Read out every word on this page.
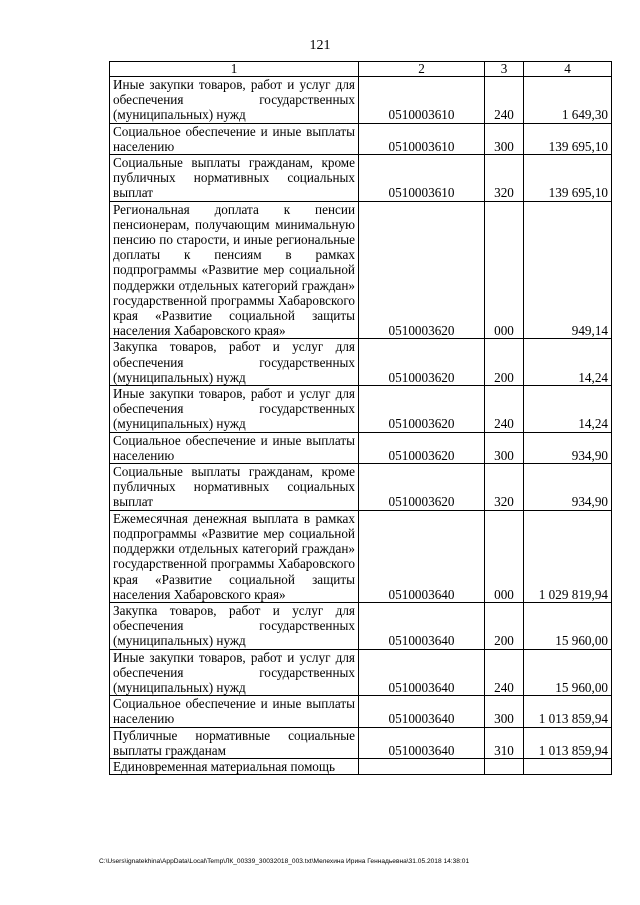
121
1	2	3	4
Иные закупки товаров, работ и услуг для обеспечения государственных (муниципальных) нужд	0510003610	240	1 649,30
Социальное обеспечение и иные выплаты населению	0510003610	300	139 695,10
Социальные выплаты гражданам, кроме публичных нормативных социальных выплат	0510003610	320	139 695,10
Региональная доплата к пенсии пенсионерам, получающим минимальную пенсию по старости, и иные региональные доплаты к пенсиям в рамках подпрограммы «Развитие мер социальной поддержки отдельных категорий граждан» государственной программы Хабаровского края «Развитие социальной защиты населения Хабаровского края»	0510003620	000	949,14
Закупка товаров, работ и услуг для обеспечения государственных (муниципальных) нужд	0510003620	200	14,24
Иные закупки товаров, работ и услуг для обеспечения государственных (муниципальных) нужд	0510003620	240	14,24
Социальное обеспечение и иные выплаты населению	0510003620	300	934,90
Социальные выплаты гражданам, кроме публичных нормативных социальных выплат	0510003620	320	934,90
Ежемесячная денежная выплата в рамках подпрограммы «Развитие мер социальной поддержки отдельных категорий граждан» государственной программы Хабаровского края «Развитие социальной защиты населения Хабаровского края»	0510003640	000	1 029 819,94
Закупка товаров, работ и услуг для обеспечения государственных (муниципальных) нужд	0510003640	200	15 960,00
Иные закупки товаров, работ и услуг для обеспечения государственных (муниципальных) нужд	0510003640	240	15 960,00
Социальное обеспечение и иные выплаты населению	0510003640	300	1 013 859,94
Публичные нормативные социальные выплаты гражданам	0510003640	310	1 013 859,94
Единовременная материальная помощь			
C:\Users\ignatekhina\AppData\Local\Temp\ЛК_00339_30032018_003.txt\Мелехина Ирина Геннадьевна\31.05.2018 14:38:01
